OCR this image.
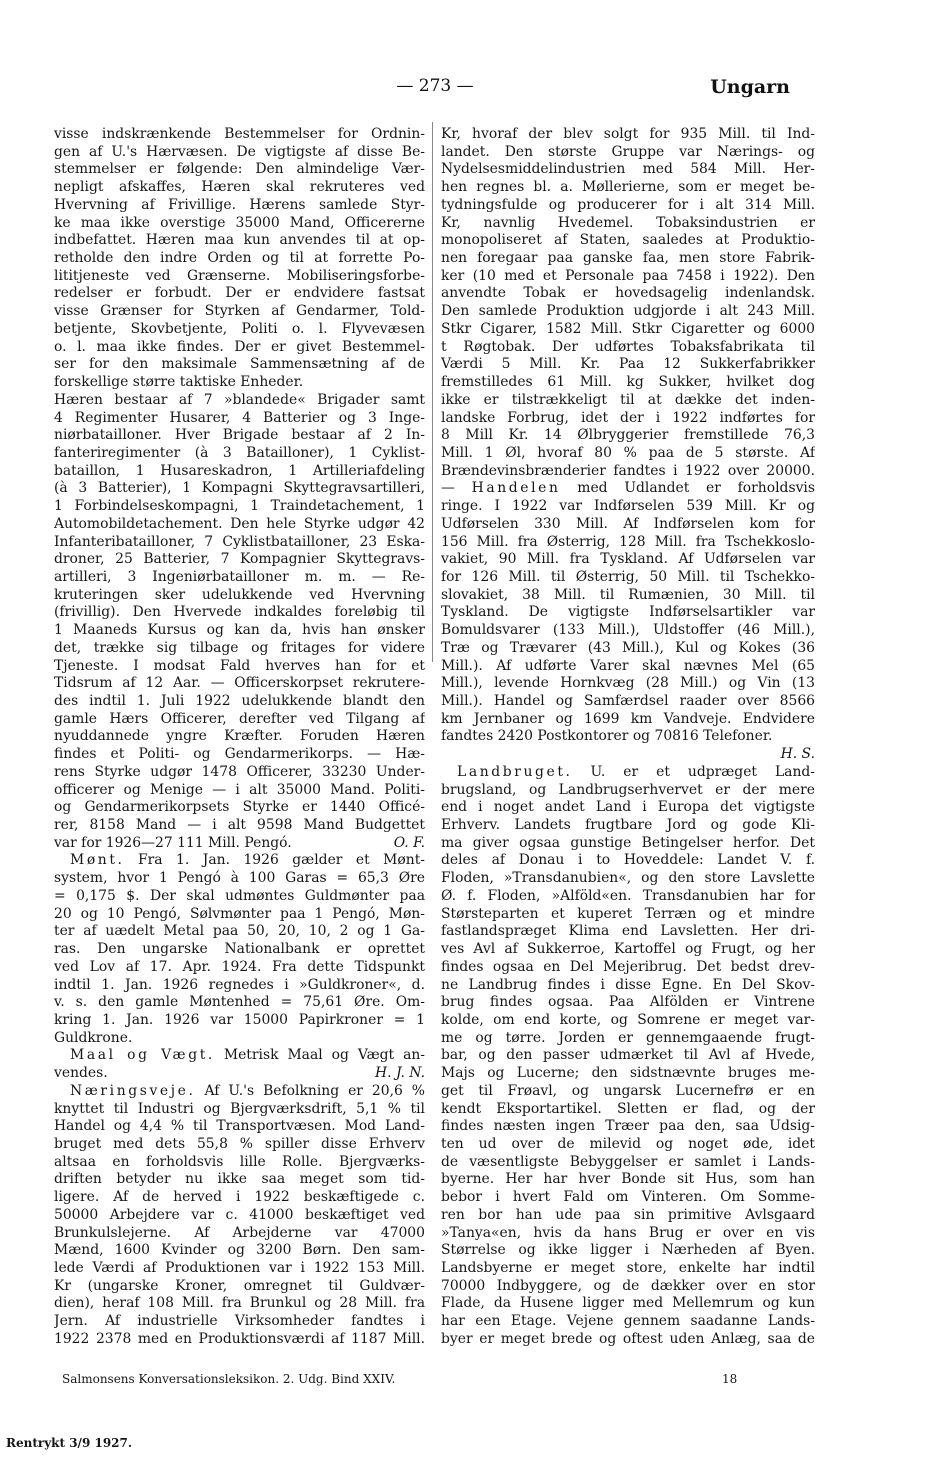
— 273 —	Ungarn
visse indskrænkende Bestemmelser for Ordnin-
gen af U.'s Hærvæsen. De vigtigste af disse Be-
stemmelser er følgende: Den almindelige Vær-
nepligt afskaffes, Hæren skal rekruteres ved
Hvervning af Frivillige. Hærens samlede Styr-
ke maa ikke overstige 35000 Mand, Officererne
indbefattet. Hæren maa kun anvendes til at op-
retholde den indre Orden og til at forrette Po-
lititjeneste ved Grænserne. Mobiliseringsforbe-
redelser er forbudt. Der er endvidere fastsat
visse Grænser for Styrken af Gendarmer, Told-
betjente, Skovbetjente, Politi o. l. Flyvevæsen
o. l. maa ikke findes. Der er givet Bestemmel-
ser for den maksimale Sammensætning af de
forskellige større taktiske Enheder.
Hæren bestaar af 7 »blandede« Brigader samt
4 Regimenter Husarer, 4 Batterier og 3 Inge-
niørbatailloner. Hver Brigade bestaar af 2 In-
fanteriregimenter (à 3 Batailloner), 1 Cyklist-
bataillon, 1 Husareskadron, 1 Artilleriafdeling
(à 3 Batterier), 1 Kompagni Skyttegravsartilleri,
1 Forbindelseskompagni, 1 Traindetachement, 1
Automobildetachement. Den hele Styrke udgør 42
Infanteribatailloner, 7 Cyklistbatailloner, 23 Eska-
droner, 25 Batterier, 7 Kompagnier Skyttegravs-
artilleri, 3 Ingeniørbatailloner m. m. — Re-
kruteringen sker udelukkende ved Hvervning
(frivillig). Den Hvervede indkaldes foreløbig til
1 Maaneds Kursus og kan da, hvis han ønsker
det, trække sig tilbage og fritages for videre
Tjeneste. I modsat Fald hverves han for et
Tidsrum af 12 Aar. — Officerskorpset rekrutere-
des indtil 1. Juli 1922 udelukkende blandt den
gamle Hærs Officerer, derefter ved Tilgang af
nyuddannede yngre Kræfter. Foruden Hæren
findes et Politi- og Gendarmerikorps. — Hæ-
rens Styrke udgør 1478 Officerer, 33230 Under-
officerer og Menige — i alt 35000 Mand. Politi-
og Gendarmerikorpsets Styrke er 1440 Officé-
rer, 8158 Mand — i alt 9598 Mand Budgettet
O. F.
var for 1926—27 111 Mill. Pengó.
Mønt. Fra 1. Jan. 1926 gælder et Mønt-
system, hvor 1 Pengó à 100 Garas = 65,3 Øre
= 0,175 $. Der skal udmøntes Guldmønter paa
20 og 10 Pengó, Sølvmønter paa 1 Pengó, Møn-
ter af uædelt Metal paa 50, 20, 10, 2 og 1 Ga-
ras. Den ungarske Nationalbank er oprettet
ved Lov af 17. Apr. 1924. Fra dette Tidspunkt
indtil 1. Jan. 1926 regnedes i »Guldkroner«, d.
v. s. den gamle Møntenhed = 75,61 Øre. Om-
kring 1. Jan. 1926 var 15000 Papirkroner = 1
Guldkrone.
Maal og Vægt. Metrisk Maal og Vægt an-
H. J. N.
vendes.
Næringsveje. Af U.'s Befolkning er 20,6 %
knyttet til Industri og Bjergværksdrift, 5,1 % til
Handel og 4,4 % til Transportvæsen. Mod Land-
bruget med dets 55,8 % spiller disse Erhverv
altsaa en forholdsvis lille Rolle. Bjergværks-
driften betyder nu ikke saa meget som tid-
ligere. Af de herved i 1922 beskæftigede c.
50000 Arbejdere var c. 41000 beskæftiget ved
Brunkulslejerne. Af Arbejderne var 47000
Mænd, 1600 Kvinder og 3200 Børn. Den sam-
lede Værdi af Produktionen var i 1922 153 Mill.
Kr (ungarske Kroner, omregnet til Guldvær-
dien), heraf 108 Mill. fra Brunkul og 28 Mill. fra
Jern. Af industrielle Virksomheder fandtes i
1922 2378 med en Produktionsværdi af 1187 Mill.
Kr, hvoraf der blev solgt for 935 Mill. til Ind-
landet. Den største Gruppe var Nærings- og
Nydelsesmiddelindustrien med 584 Mill. Her-
hen regnes bl. a. Møllerierne, som er meget be-
tydningsfulde og producerer for i alt 314 Mill.
Kr, navnlig Hvedemel. Tobaksindustrien er
monopoliseret af Staten, saaledes at Produktio-
nen foregaar paa ganske faa, men store Fabrik-
ker (10 med et Personale paa 7458 i 1922). Den
anvendte Tobak er hovedsagelig indenlandsk.
Den samlede Produktion udgjorde i alt 243 Mill.
Stkr Cigarer, 1582 Mill. Stkr Cigaretter og 6000
t Røgtobak. Der udførtes Tobaksfabrikata til
Værdi 5 Mill. Kr. Paa 12 Sukkerfabrikker
fremstilledes 61 Mill. kg Sukker, hvilket dog
ikke er tilstrækkeligt til at dække det inden-
landske Forbrug, idet der i 1922 indførtes for
8 Mill Kr. 14 Ølbryggerier fremstillede 76,3
Mill. 1 Øl, hvoraf 80 % paa de 5 største. Af
Brændevinsbrænderier fandtes i 1922 over 20000.
— Handelen med Udlandet er forholdsvis
ringe. I 1922 var Indførselen 539 Mill. Kr og
Udførselen 330 Mill. Af Indførselen kom for
156 Mill. fra Østerrig, 128 Mill. fra Tschekkoslo-
vakiet, 90 Mill. fra Tyskland. Af Udførselen var
for 126 Mill. til Østerrig, 50 Mill. til Tschekko-
slovakiet, 38 Mill. til Rumænien, 30 Mill. til
Tyskland. De vigtigste Indførselsartikler var
Bomuldsvarer (133 Mill.), Uldstoffer (46 Mill.),
Træ og Trævarer (43 Mill.), Kul og Kokes (36
Mill.). Af udførte Varer skal nævnes Mel (65
Mill.), levende Hornkvæg (28 Mill.) og Vin (13
Mill.). Handel og Samfærdsel raader over 8566
km Jernbaner og 1699 km Vandveje. Endvidere
fandtes 2420 Postkontorer og 70816 Telefoner.
H. S.
Landbruget. U. er et udpræget Land-
brugsland, og Landbrugserhvervet er der mere
end i noget andet Land i Europa det vigtigste
Erhverv. Landets frugtbare Jord og gode Kli-
ma giver ogsaa gunstige Betingelser herfor. Det
deles af Donau i to Hoveddele: Landet V. f.
Floden, »Transdanubien«, og den store Lavslette
Ø. f. Floden, »Alföld«en. Transdanubien har for
Størsteparten et kuperet Terræn og et mindre
fastlandspræget Klima end Lavsletten. Her dri-
ves Avl af Sukkerroe, Kartoffel og Frugt, og her
findes ogsaa en Del Mejeribrug. Det bedst drev-
ne Landbrug findes i disse Egne. En Del Skov-
brug findes ogsaa. Paa Alfölden er Vintrene
kolde, om end korte, og Somrene er meget var-
me og tørre. Jorden er gennemgaaende frugt-
bar, og den passer udmærket til Avl af Hvede,
Majs og Lucerne; den sidstnævnte bruges me-
get til Frøavl, og ungarsk Lucernefrø er en
kendt Eksportartikel. Sletten er flad, og der
findes næsten ingen Træer paa den, saa Udsig-
ten ud over de milevid og noget øde, idet
de væsentligste Bebyggelser er samlet i Lands-
byerne. Her har hver Bonde sit Hus, som han
bebor i hvert Fald om Vinteren. Om Somme-
ren bor han ude paa sin primitive Avlsgaard
»Tanya«en, hvis da hans Brug er over en vis
Størrelse og ikke ligger i Nærheden af Byen.
Landsbyerne er meget store, enkelte har indtil
70000 Indbyggere, og de dækker over en stor
Flade, da Husene ligger med Mellemrum og kun
har een Etage. Vejene gennem saadanne Lands-
byer er meget brede og oftest uden Anlæg, saa de
Salmonsens Konversationsleksikon. 2. Udg. Bind XXIV.	18
Rentrykt 3/9 1927.
